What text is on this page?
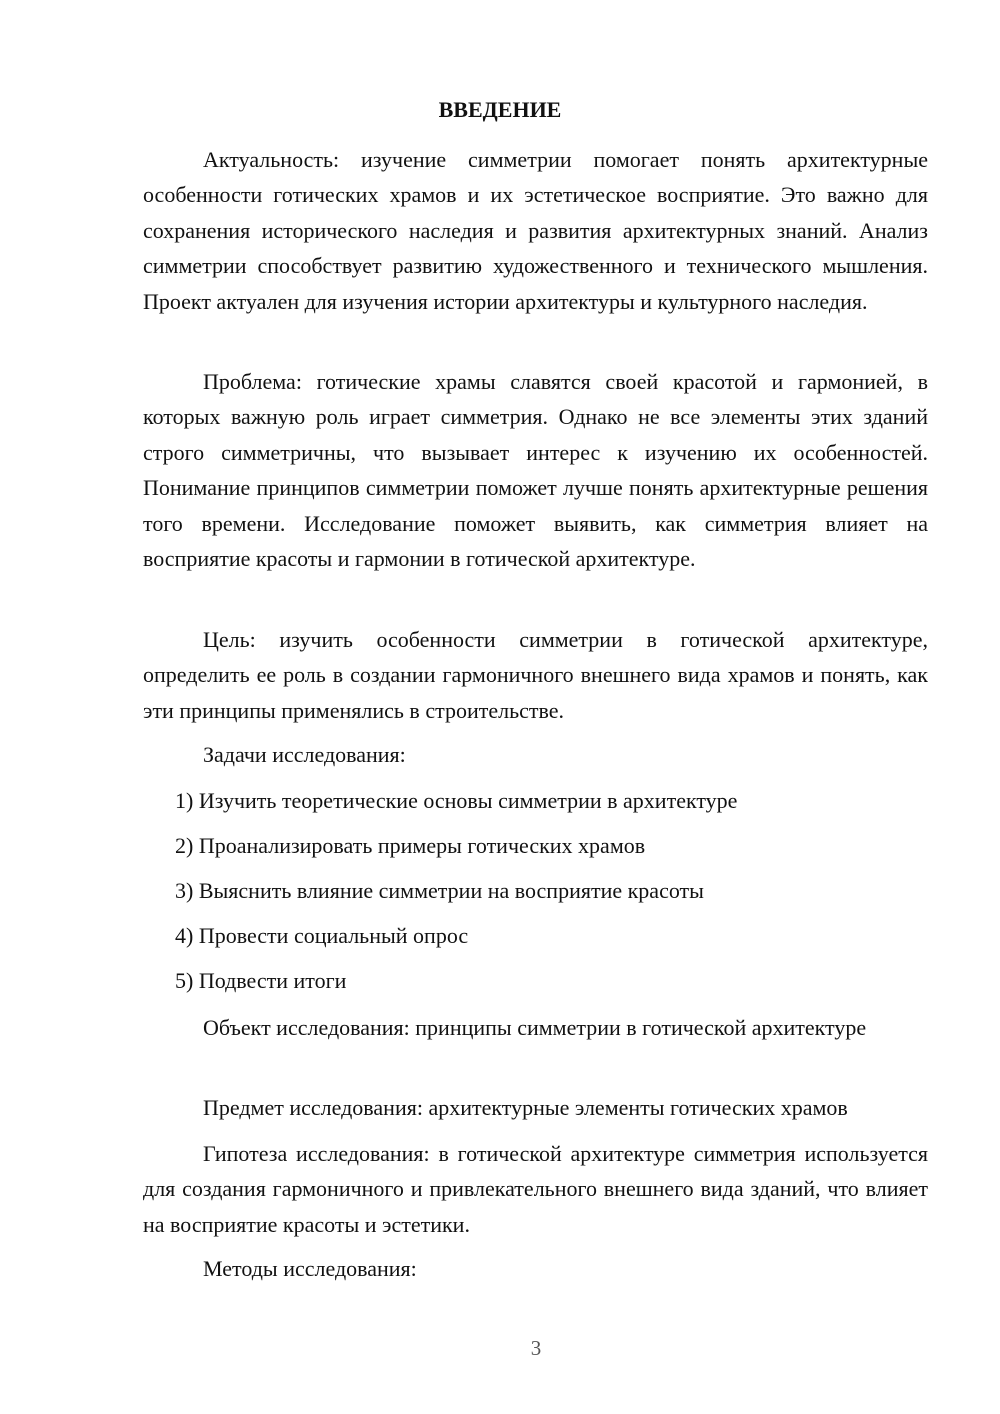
ВВЕДЕНИЕ

Актуальность: изучение симметрии помогает понять архитектурные особенности готических храмов и их эстетическое восприятие. Это важно для сохранения исторического наследия и развития архитектурных знаний. Анализ симметрии способствует развитию художественного и технического мышления. Проект актуален для изучения истории архитектуры и культурного наследия.

Проблема: готические храмы славятся своей красотой и гармонией, в которых важную роль играет симметрия. Однако не все элементы этих зданий строго симметричны, что вызывает интерес к изучению их особенностей. Понимание принципов симметрии поможет лучше понять архитектурные решения того времени. Исследование поможет выявить, как симметрия влияет на восприятие красоты и гармонии в готической архитектуре.

Цель: изучить особенности симметрии в готической архитектуре, определить ее роль в создании гармоничного внешнего вида храмов и понять, как эти принципы применялись в строительстве.

Задачи исследования:

1) Изучить теоретические основы симметрии в архитектуре

2) Проанализировать примеры готических храмов

3) Выяснить влияние симметрии на восприятие красоты

4) Провести социальный опрос

5) Подвести итоги

Объект исследования: принципы симметрии в готической архитектуре

Предмет исследования: архитектурные элементы готических храмов

Гипотеза исследования: в готической архитектуре симметрия используется для создания гармоничного и привлекательного внешнего вида зданий, что влияет на восприятие красоты и эстетики.

Методы исследования:

3
